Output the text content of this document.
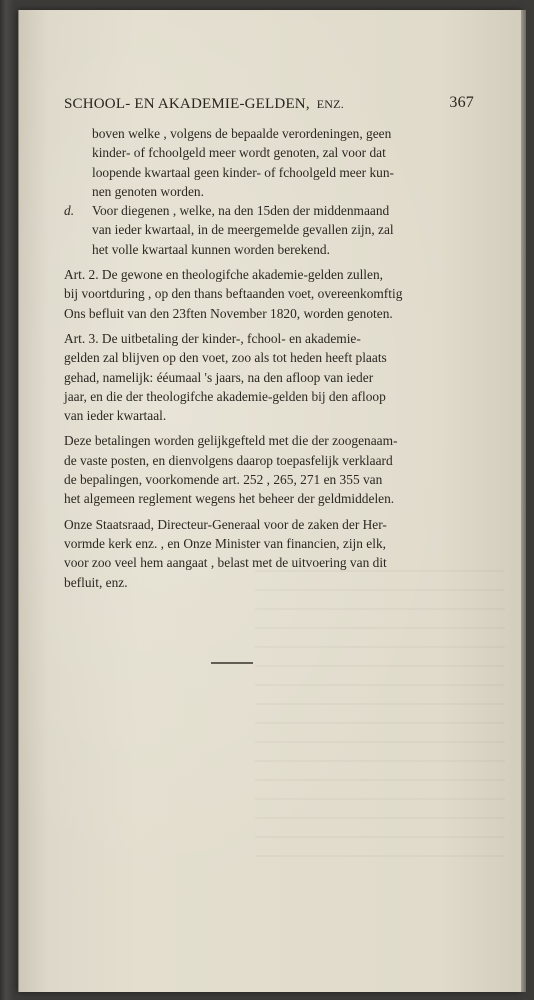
SCHOOL- EN AKADEMIE-GELDEN, ENZ.	367
boven welke , volgens de bepaalde verordeningen, geen
kinder- of fchoolgeld meer wordt genoten, zal voor dat
loopende kwartaal geen kinder- of fchoolgeld meer kun-
nen genoten worden.
d. Voor diegenen , welke, na den 15den der middenmaand
van ieder kwartaal, in de meergemelde gevallen zijn, zal
het volle kwartaal kunnen worden berekend.
Art. 2. De gewone en theologifche akademie-gelden zullen,
bij voortduring , op den thans beftaanden voet, overeenkomftig
Ons befluit van den 23ften November 1820, worden genoten.
Art. 3. De uitbetaling der kinder-, fchool- en akademie-
gelden zal blijven op den voet, zoo als tot heden heeft plaats
gehad, namelijk: ééumaal 's jaars, na den afloop van ieder
jaar, en die der theologifche akademie-gelden bij den afloop
van ieder kwartaal.
Deze betalingen worden gelijkgefteld met die der zoogenaam-
de vaste posten, en dienvolgens daarop toepasfelijk verklaard
de bepalingen, voorkomende art. 252 , 265, 271 en 355 van
het algemeen reglement wegens het beheer der geldmiddelen.
Onze Staatsraad, Directeur-Generaal voor de zaken der Her-
vormde kerk enz. , en Onze Minister van financien, zijn elk,
voor zoo veel hem aangaat , belast met de uitvoering van dit
befluit, enz.
